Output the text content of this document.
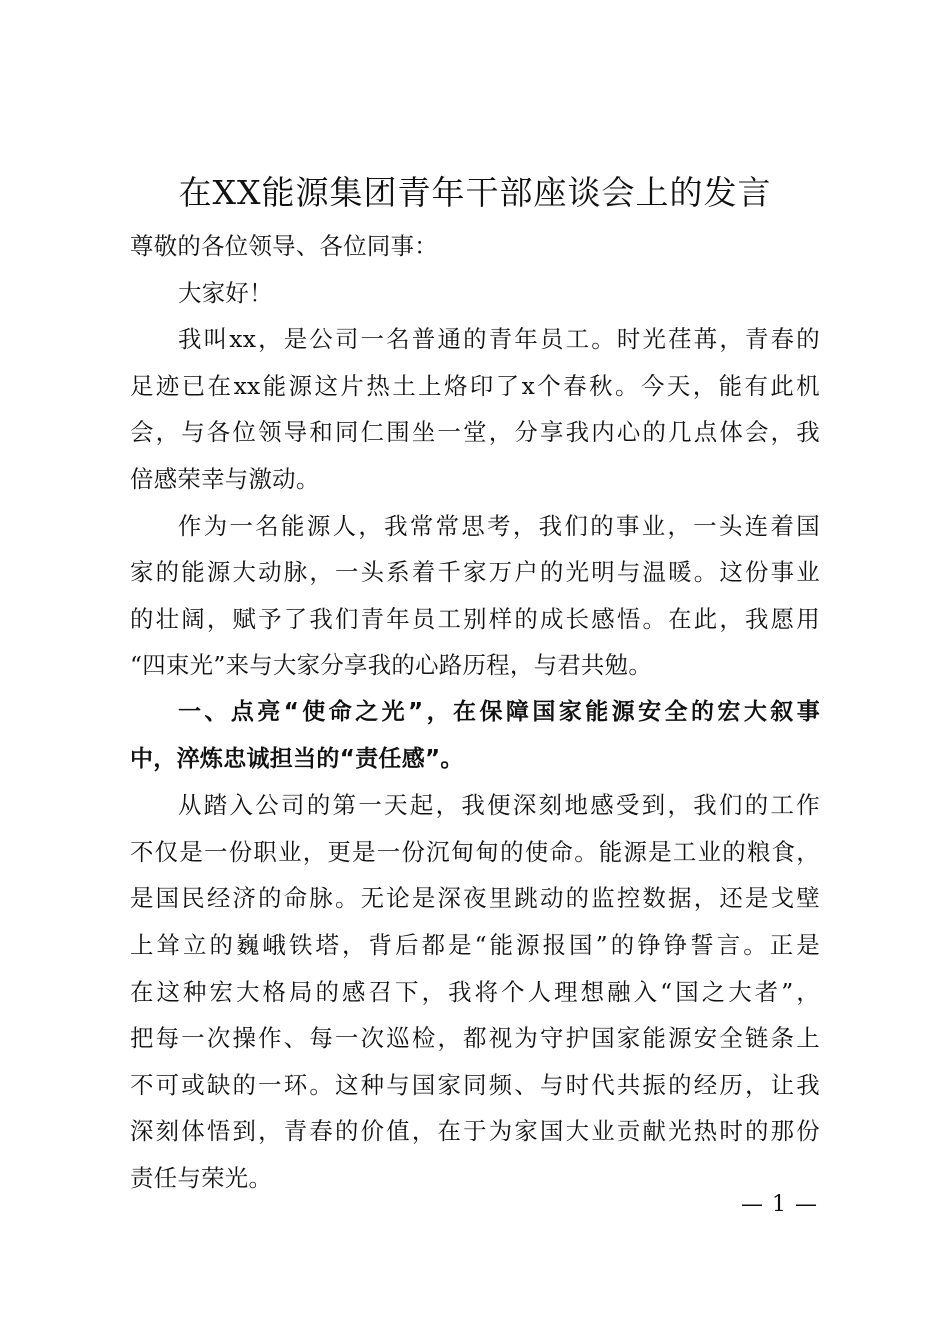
在XX能源集团青年干部座谈会上的发言
尊敬的各位领导、各位同事：
大家好！
我叫xx，是公司一名普通的青年员工。时光荏苒，青春的
足迹已在xx能源这片热土上烙印了x个春秋。今天，能有此机
会，与各位领导和同仁围坐一堂，分享我内心的几点体会，我
倍感荣幸与激动。
作为一名能源人，我常常思考，我们的事业，一头连着国
家的能源大动脉，一头系着千家万户的光明与温暖。这份事业
的壮阔，赋予了我们青年员工别样的成长感悟。在此，我愿用
“四束光”来与大家分享我的心路历程，与君共勉。
一、点亮“使命之光”，在保障国家能源安全的宏大叙事
中，淬炼忠诚担当的“责任感”。
从踏入公司的第一天起，我便深刻地感受到，我们的工作
不仅是一份职业，更是一份沉甸甸的使命。能源是工业的粮食，
是国民经济的命脉。无论是深夜里跳动的监控数据，还是戈壁
上耸立的巍峨铁塔，背后都是“能源报国”的铮铮誓言。正是
在这种宏大格局的感召下，我将个人理想融入“国之大者”，
把每一次操作、每一次巡检，都视为守护国家能源安全链条上
不可或缺的一环。这种与国家同频、与时代共振的经历，让我
深刻体悟到，青春的价值，在于为家国大业贡献光热时的那份
责任与荣光。
— 1 —
